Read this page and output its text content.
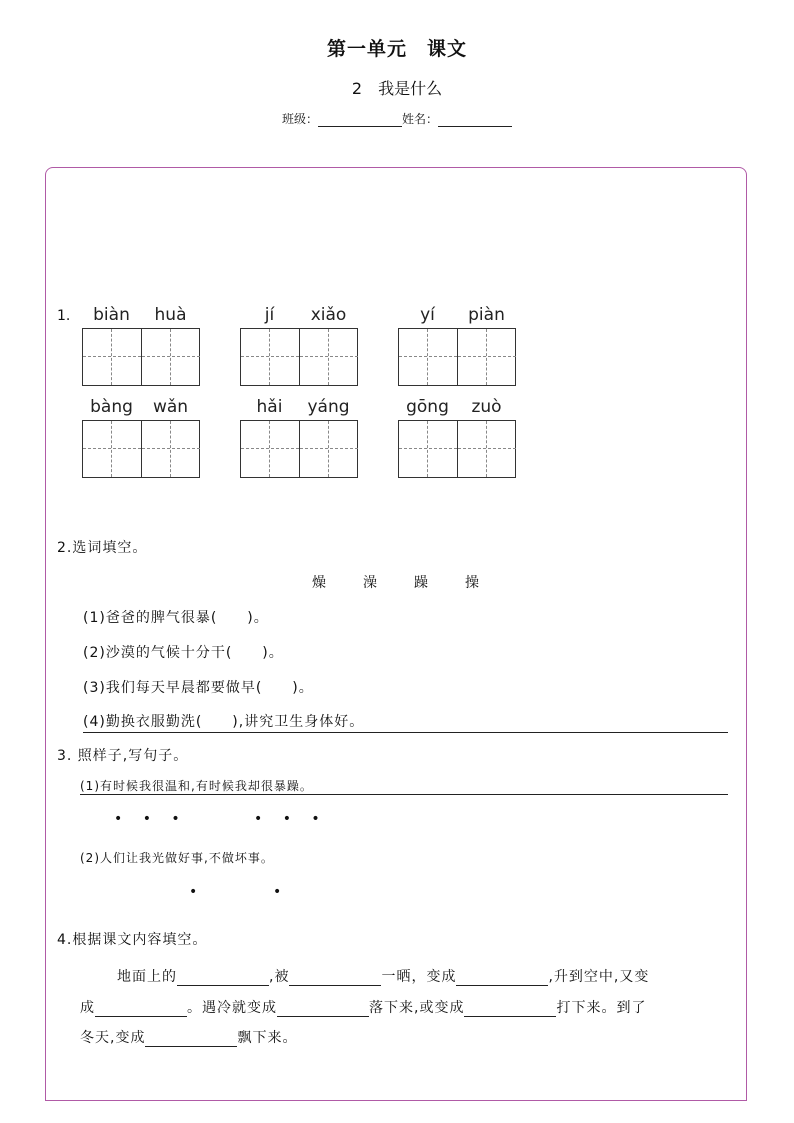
第一单元　课文
2　我是什么
班级：	姓名：
1.	biàn	huà	jí	xiǎo	yí	piàn
bàng	wǎn	hǎi	yáng	gōng	zuò
2.选词填空。
燥　　澡　　躁　　操
(1)爸爸的脾气很暴(　　)。
(2)沙漠的气候十分干(　　)。
(3)我们每天早晨都要做早(　　)。
(4)勤换衣服勤洗(　　),讲究卫生身体好。
3. 照样子,写句子。
(1)有时候我很温和,有时候我却很暴躁。
• • •	• • •
(2)人们让我光做好事,不做坏事。
•	•
4.根据课文内容填空。
地面上的	,被	一晒，变成	,升到空中,又变
成	。遇冷就变成	落下来,或变成	打下来。到了
冬天,变成	飘下来。
